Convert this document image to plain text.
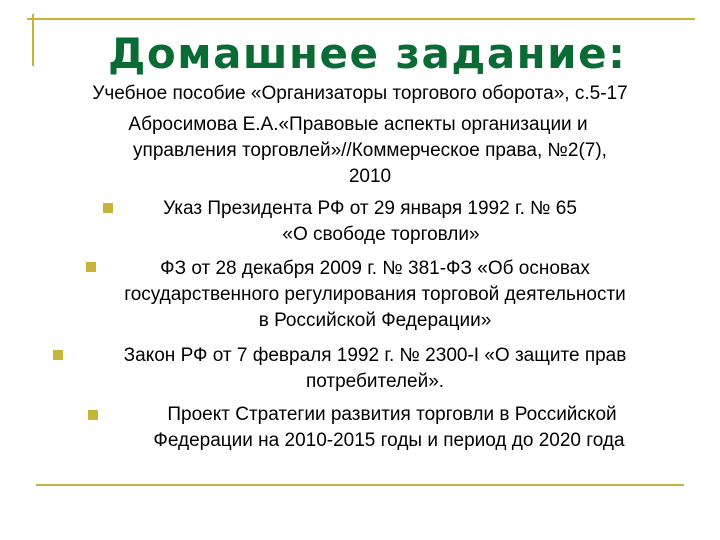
Домашнее задание:
Учебное пособие «Организаторы торгового оборота», с.5-17
Абросимова Е.А.«Правовые аспекты организации и
управления торговлей»//Коммерческое права, №2(7),
2010
Указ Президента РФ от 29 января 1992 г. № 65
«О свободе торговли»
ФЗ от 28 декабря 2009 г. № 381-ФЗ «Об основах
государственного регулирования торговой деятельности
в Российской Федерации»
Закон РФ от 7 февраля 1992 г. № 2300-I «О защите прав
потребителей».
Проект Стратегии развития торговли в Российской
Федерации на 2010-2015 годы и период до 2020 года
